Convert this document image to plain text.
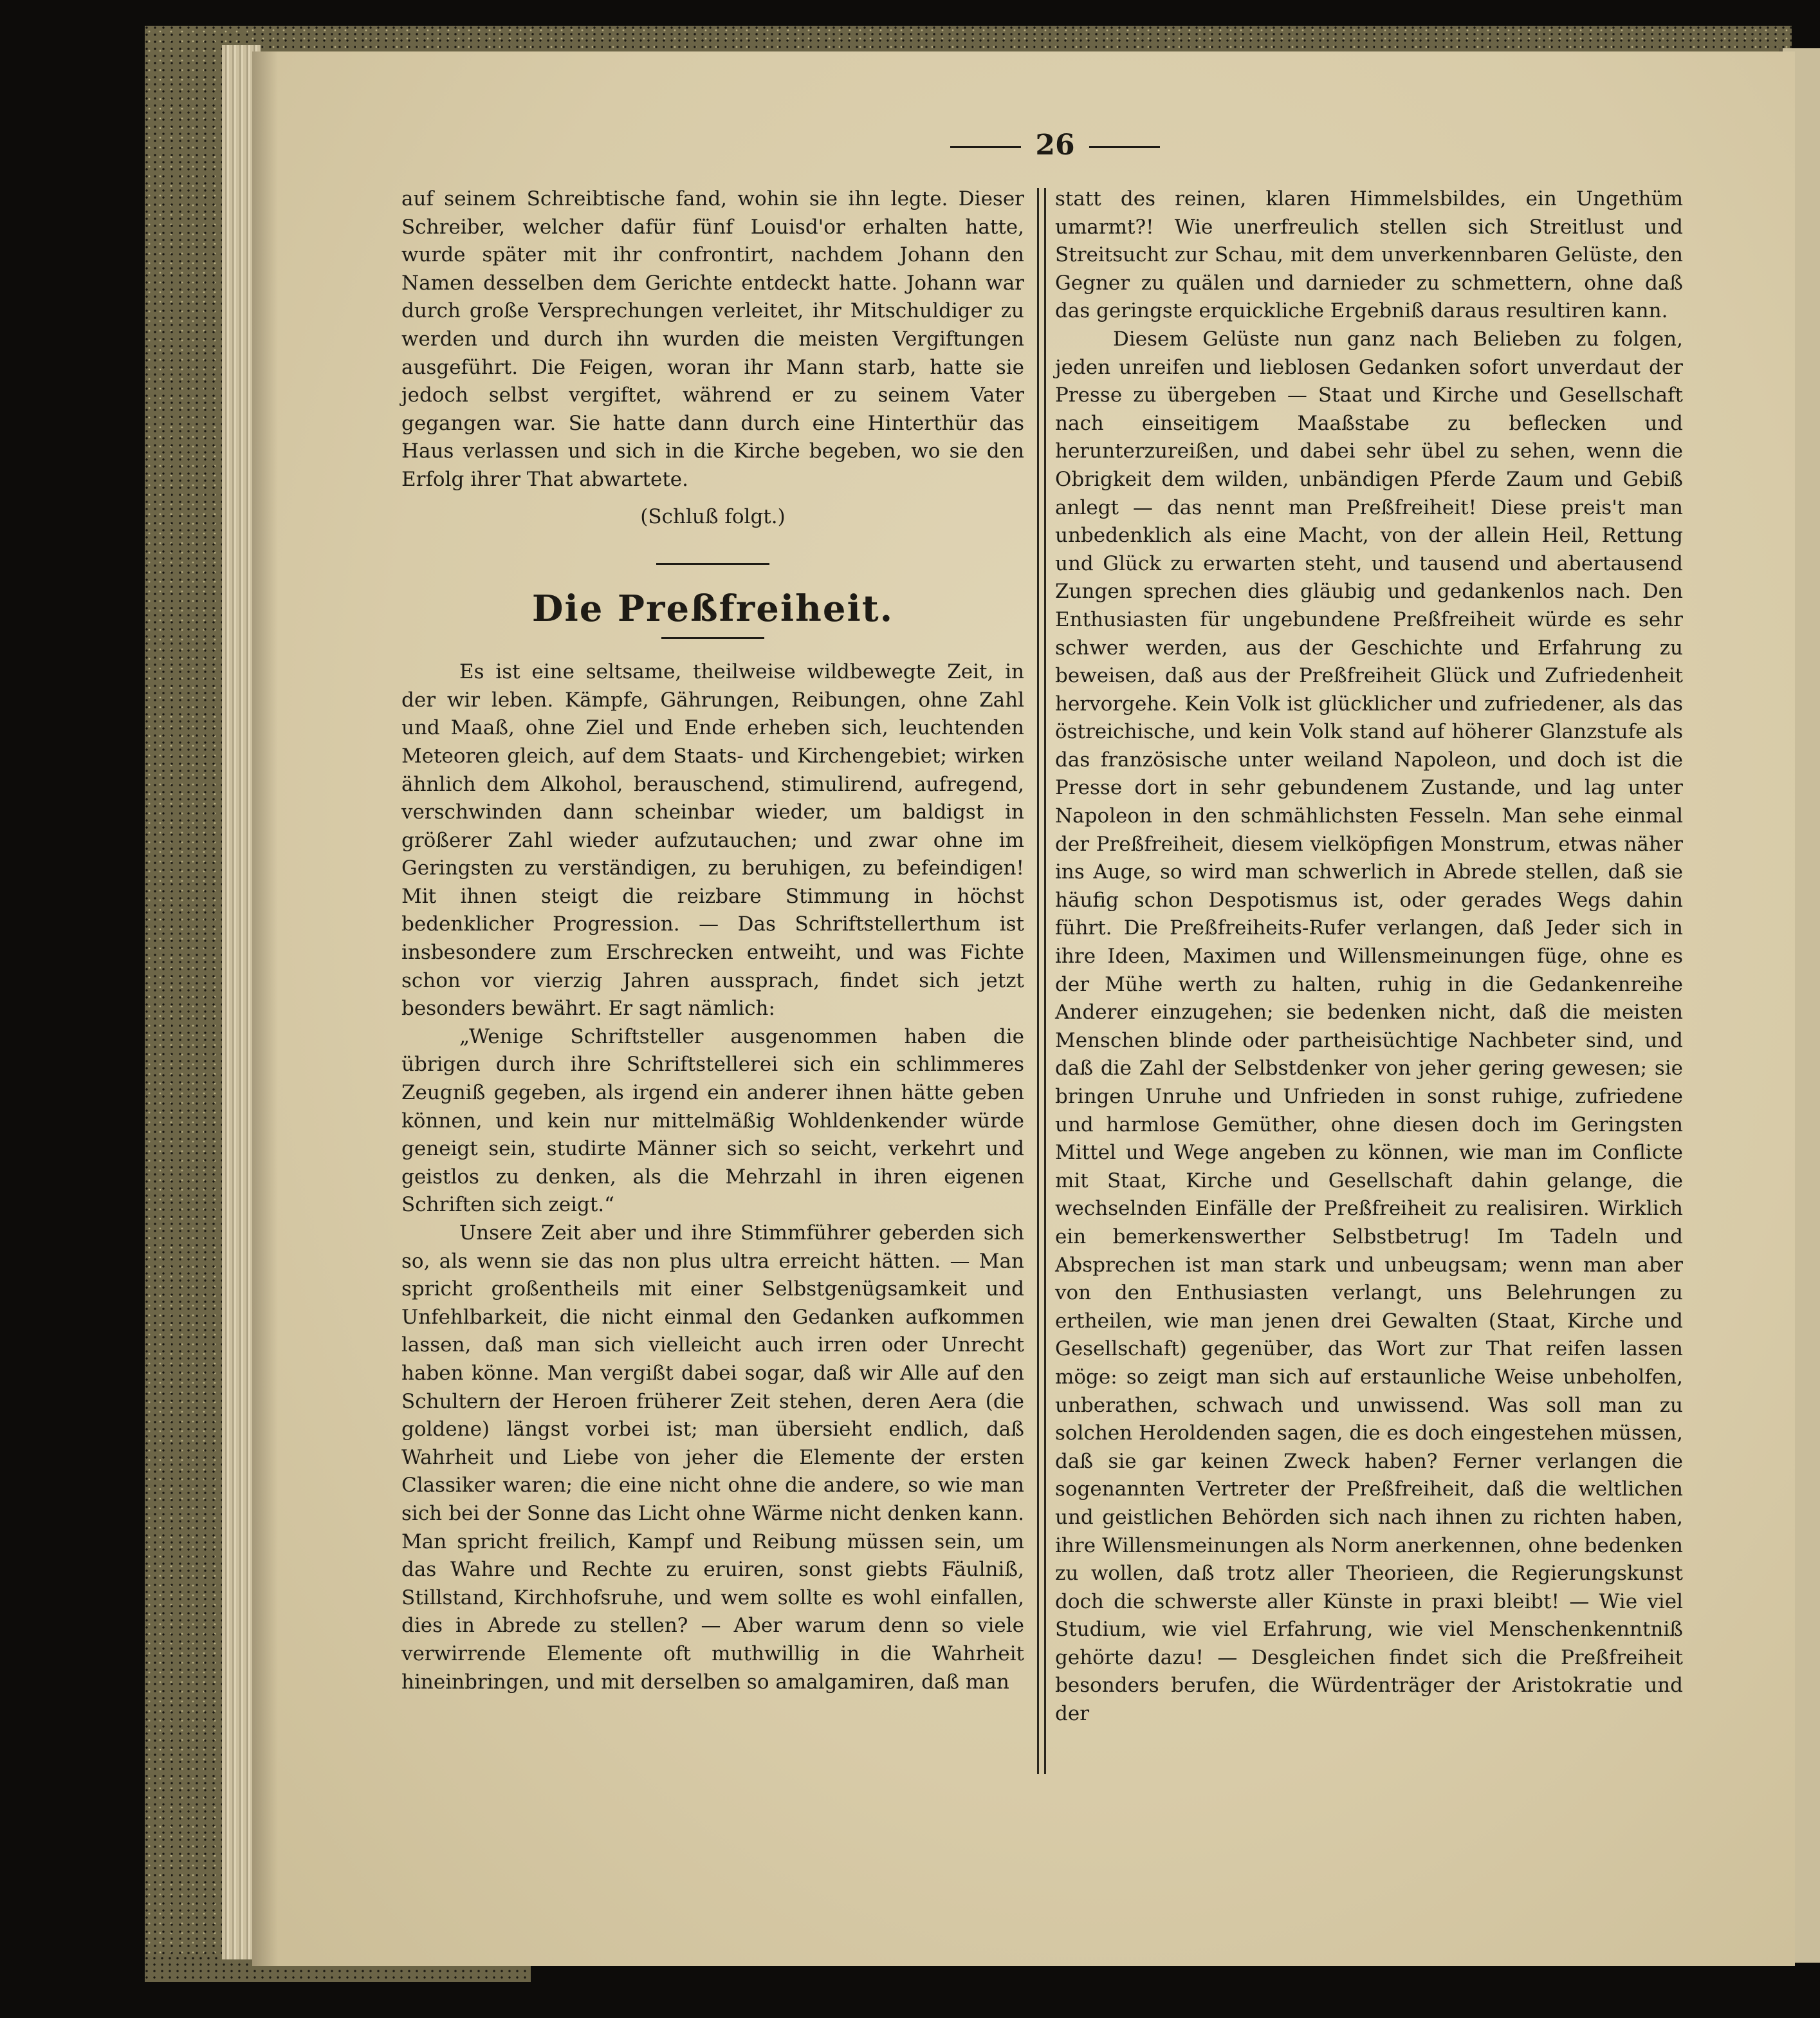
26

auf seinem Schreibtische fand, wohin sie ihn legte. Dieser Schreiber, welcher dafür fünf Louisd'or erhalten hatte, wurde später mit ihr confrontirt, nachdem Johann den Namen desselben dem Gerichte entdeckt hatte. Johann war durch große Versprechungen verleitet, ihr Mitschuldiger zu werden und durch ihn wurden die meisten Vergiftungen ausgeführt. Die Feigen, woran ihr Mann starb, hatte sie jedoch selbst vergiftet, während er zu seinem Vater gegangen war. Sie hatte dann durch eine Hinterthür das Haus verlassen und sich in die Kirche begeben, wo sie den Erfolg ihrer That abwartete.

(Schluß folgt.)

Die Preßfreiheit.

Es ist eine seltsame, theilweise wildbewegte Zeit, in der wir leben. Kämpfe, Gährungen, Reibungen, ohne Zahl und Maaß, ohne Ziel und Ende erheben sich, leuchtenden Meteoren gleich, auf dem Staats- und Kirchengebiet; wirken ähnlich dem Alkohol, berauschend, stimulirend, aufregend, verschwinden dann scheinbar wieder, um baldigst in größerer Zahl wieder aufzutauchen; und zwar ohne im Geringsten zu verständigen, zu beruhigen, zu befeindigen! Mit ihnen steigt die reizbare Stimmung in höchst bedenklicher Progression. — Das Schriftstellerthum ist insbesondere zum Erschrecken entweiht, und was Fichte schon vor vierzig Jahren aussprach, findet sich jetzt besonders bewährt. Er sagt nämlich:

„Wenige Schriftsteller ausgenommen haben die übrigen durch ihre Schriftstellerei sich ein schlimmeres Zeugniß gegeben, als irgend ein anderer ihnen hätte geben können, und kein nur mittelmäßig Wohldenkender würde geneigt sein, studirte Männer sich so seicht, verkehrt und geistlos zu denken, als die Mehrzahl in ihren eigenen Schriften sich zeigt.“

Unsere Zeit aber und ihre Stimmführer geberden sich so, als wenn sie das non plus ultra erreicht hätten. — Man spricht großentheils mit einer Selbstgenügsamkeit und Unfehlbarkeit, die nicht einmal den Gedanken aufkommen lassen, daß man sich vielleicht auch irren oder Unrecht haben könne. Man vergißt dabei sogar, daß wir Alle auf den Schultern der Heroen früherer Zeit stehen, deren Aera (die goldene) längst vorbei ist; man übersieht endlich, daß Wahrheit und Liebe von jeher die Elemente der ersten Classiker waren; die eine nicht ohne die andere, so wie man sich bei der Sonne das Licht ohne Wärme nicht denken kann. Man spricht freilich, Kampf und Reibung müssen sein, um das Wahre und Rechte zu eruiren, sonst giebts Fäulniß, Stillstand, Kirchhofsruhe, und wem sollte es wohl einfallen, dies in Abrede zu stellen? — Aber warum denn so viele verwirrende Elemente oft muthwillig in die Wahrheit hineinbringen, und mit derselben so amalgamiren, daß man

statt des reinen, klaren Himmelsbildes, ein Ungethüm umarmt?! Wie unerfreulich stellen sich Streitlust und Streitsucht zur Schau, mit dem unverkennbaren Gelüste, den Gegner zu quälen und darnieder zu schmettern, ohne daß das geringste erquickliche Ergebniß daraus resultiren kann.

Diesem Gelüste nun ganz nach Belieben zu folgen, jeden unreifen und lieblosen Gedanken sofort unverdaut der Presse zu übergeben — Staat und Kirche und Gesellschaft nach einseitigem Maaßstabe zu beflecken und herunterzureißen, und dabei sehr übel zu sehen, wenn die Obrigkeit dem wilden, unbändigen Pferde Zaum und Gebiß anlegt — das nennt man Preßfreiheit! Diese preis't man unbedenklich als eine Macht, von der allein Heil, Rettung und Glück zu erwarten steht, und tausend und abertausend Zungen sprechen dies gläubig und gedankenlos nach. Den Enthusiasten für ungebundene Preßfreiheit würde es sehr schwer werden, aus der Geschichte und Erfahrung zu beweisen, daß aus der Preßfreiheit Glück und Zufriedenheit hervorgehe. Kein Volk ist glücklicher und zufriedener, als das östreichische, und kein Volk stand auf höherer Glanzstufe als das französische unter weiland Napoleon, und doch ist die Presse dort in sehr gebundenem Zustande, und lag unter Napoleon in den schmählichsten Fesseln. Man sehe einmal der Preßfreiheit, diesem vielköpfigen Monstrum, etwas näher ins Auge, so wird man schwerlich in Abrede stellen, daß sie häufig schon Despotismus ist, oder gerades Wegs dahin führt. Die Preßfreiheits-Rufer verlangen, daß Jeder sich in ihre Ideen, Maximen und Willensmeinungen füge, ohne es der Mühe werth zu halten, ruhig in die Gedankenreihe Anderer einzugehen; sie bedenken nicht, daß die meisten Menschen blinde oder partheisüchtige Nachbeter sind, und daß die Zahl der Selbstdenker von jeher gering gewesen; sie bringen Unruhe und Unfrieden in sonst ruhige, zufriedene und harmlose Gemüther, ohne diesen doch im Geringsten Mittel und Wege angeben zu können, wie man im Conflicte mit Staat, Kirche und Gesellschaft dahin gelange, die wechselnden Einfälle der Preßfreiheit zu realisiren. Wirklich ein bemerkenswerther Selbstbetrug! Im Tadeln und Absprechen ist man stark und unbeugsam; wenn man aber von den Enthusiasten verlangt, uns Belehrungen zu ertheilen, wie man jenen drei Gewalten (Staat, Kirche und Gesellschaft) gegenüber, das Wort zur That reifen lassen möge: so zeigt man sich auf erstaunliche Weise unbeholfen, unberathen, schwach und unwissend. Was soll man zu solchen Heroldenden sagen, die es doch eingestehen müssen, daß sie gar keinen Zweck haben? Ferner verlangen die sogenannten Vertreter der Preßfreiheit, daß die weltlichen und geistlichen Behörden sich nach ihnen zu richten haben, ihre Willensmeinungen als Norm anerkennen, ohne bedenken zu wollen, daß trotz aller Theorieen, die Regierungskunst doch die schwerste aller Künste in praxi bleibt! — Wie viel Studium, wie viel Erfahrung, wie viel Menschenkenntniß gehörte dazu! — Desgleichen findet sich die Preßfreiheit besonders berufen, die Würdenträger der Aristokratie und der
